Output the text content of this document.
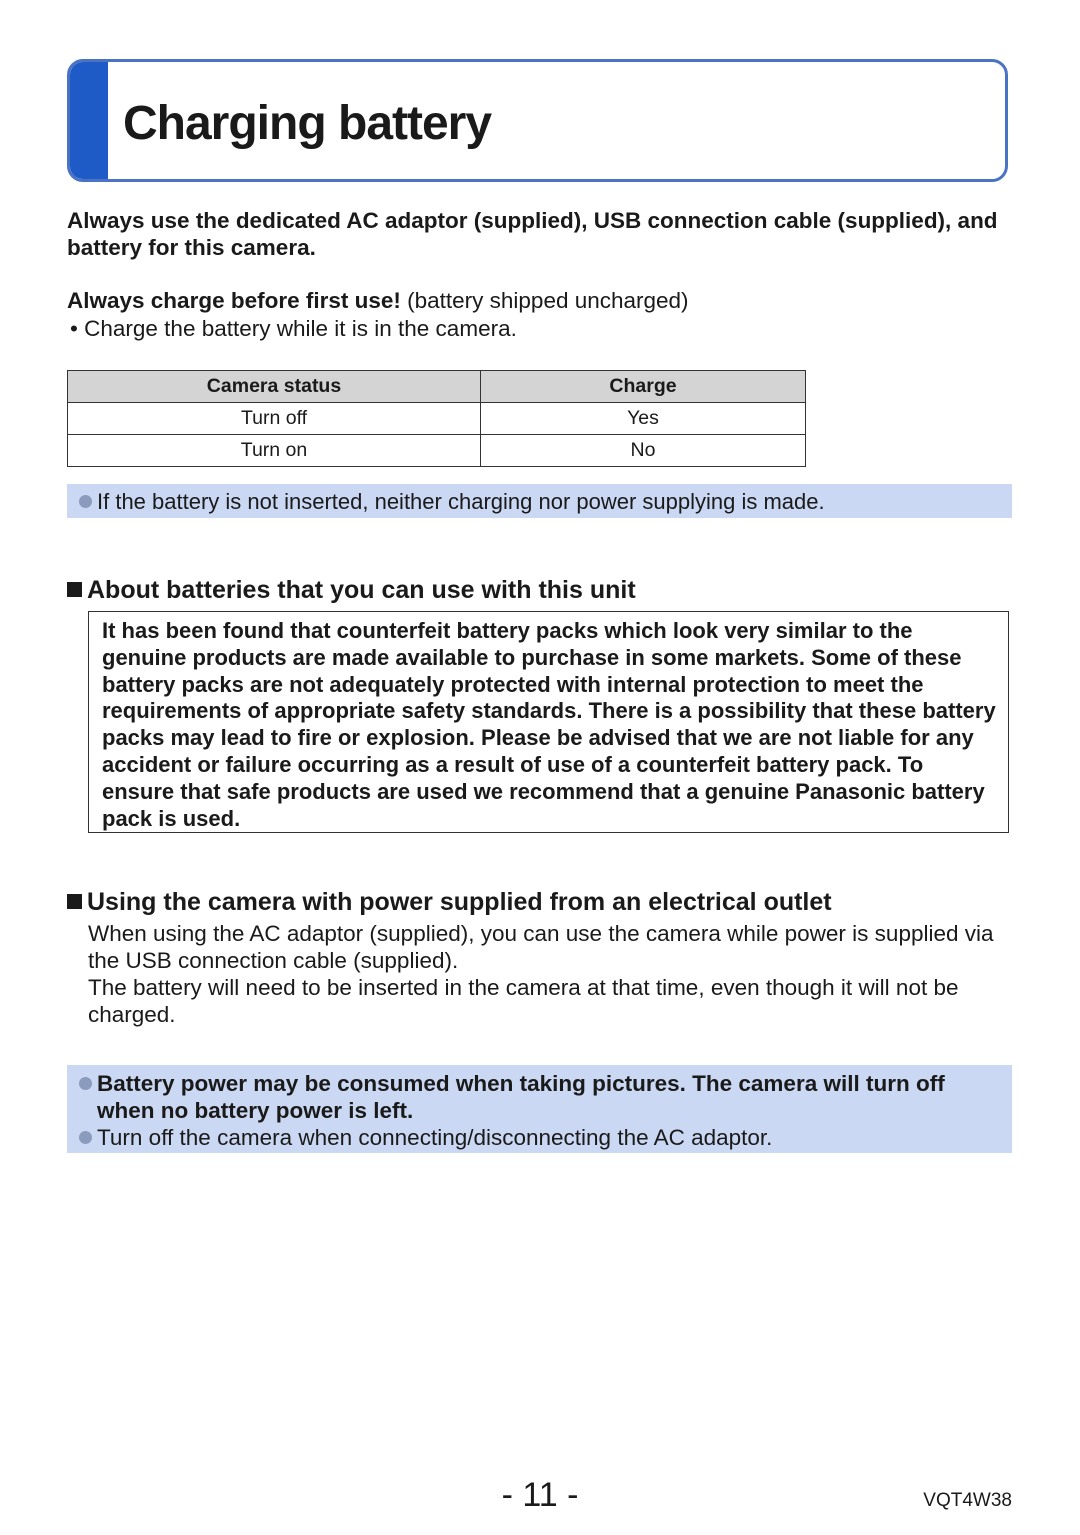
Charging battery
Always use the dedicated AC adaptor (supplied), USB connection cable (supplied), and battery for this camera.
Always charge before first use! (battery shipped uncharged)
• Charge the battery while it is in the camera.
Camera status	Charge
Turn off	Yes
Turn on	No
If the battery is not inserted, neither charging nor power supplying is made.
About batteries that you can use with this unit
It has been found that counterfeit battery packs which look very similar to the genuine products are made available to purchase in some markets. Some of these battery packs are not adequately protected with internal protection to meet the requirements of appropriate safety standards. There is a possibility that these battery packs may lead to fire or explosion. Please be advised that we are not liable for any accident or failure occurring as a result of use of a counterfeit battery pack. To ensure that safe products are used we recommend that a genuine Panasonic battery pack is used.
Using the camera with power supplied from an electrical outlet
When using the AC adaptor (supplied), you can use the camera while power is supplied via the USB connection cable (supplied).
The battery will need to be inserted in the camera at that time, even though it will not be charged.
Battery power may be consumed when taking pictures. The camera will turn off when no battery power is left.
Turn off the camera when connecting/disconnecting the AC adaptor.
- 11 -	VQT4W38
